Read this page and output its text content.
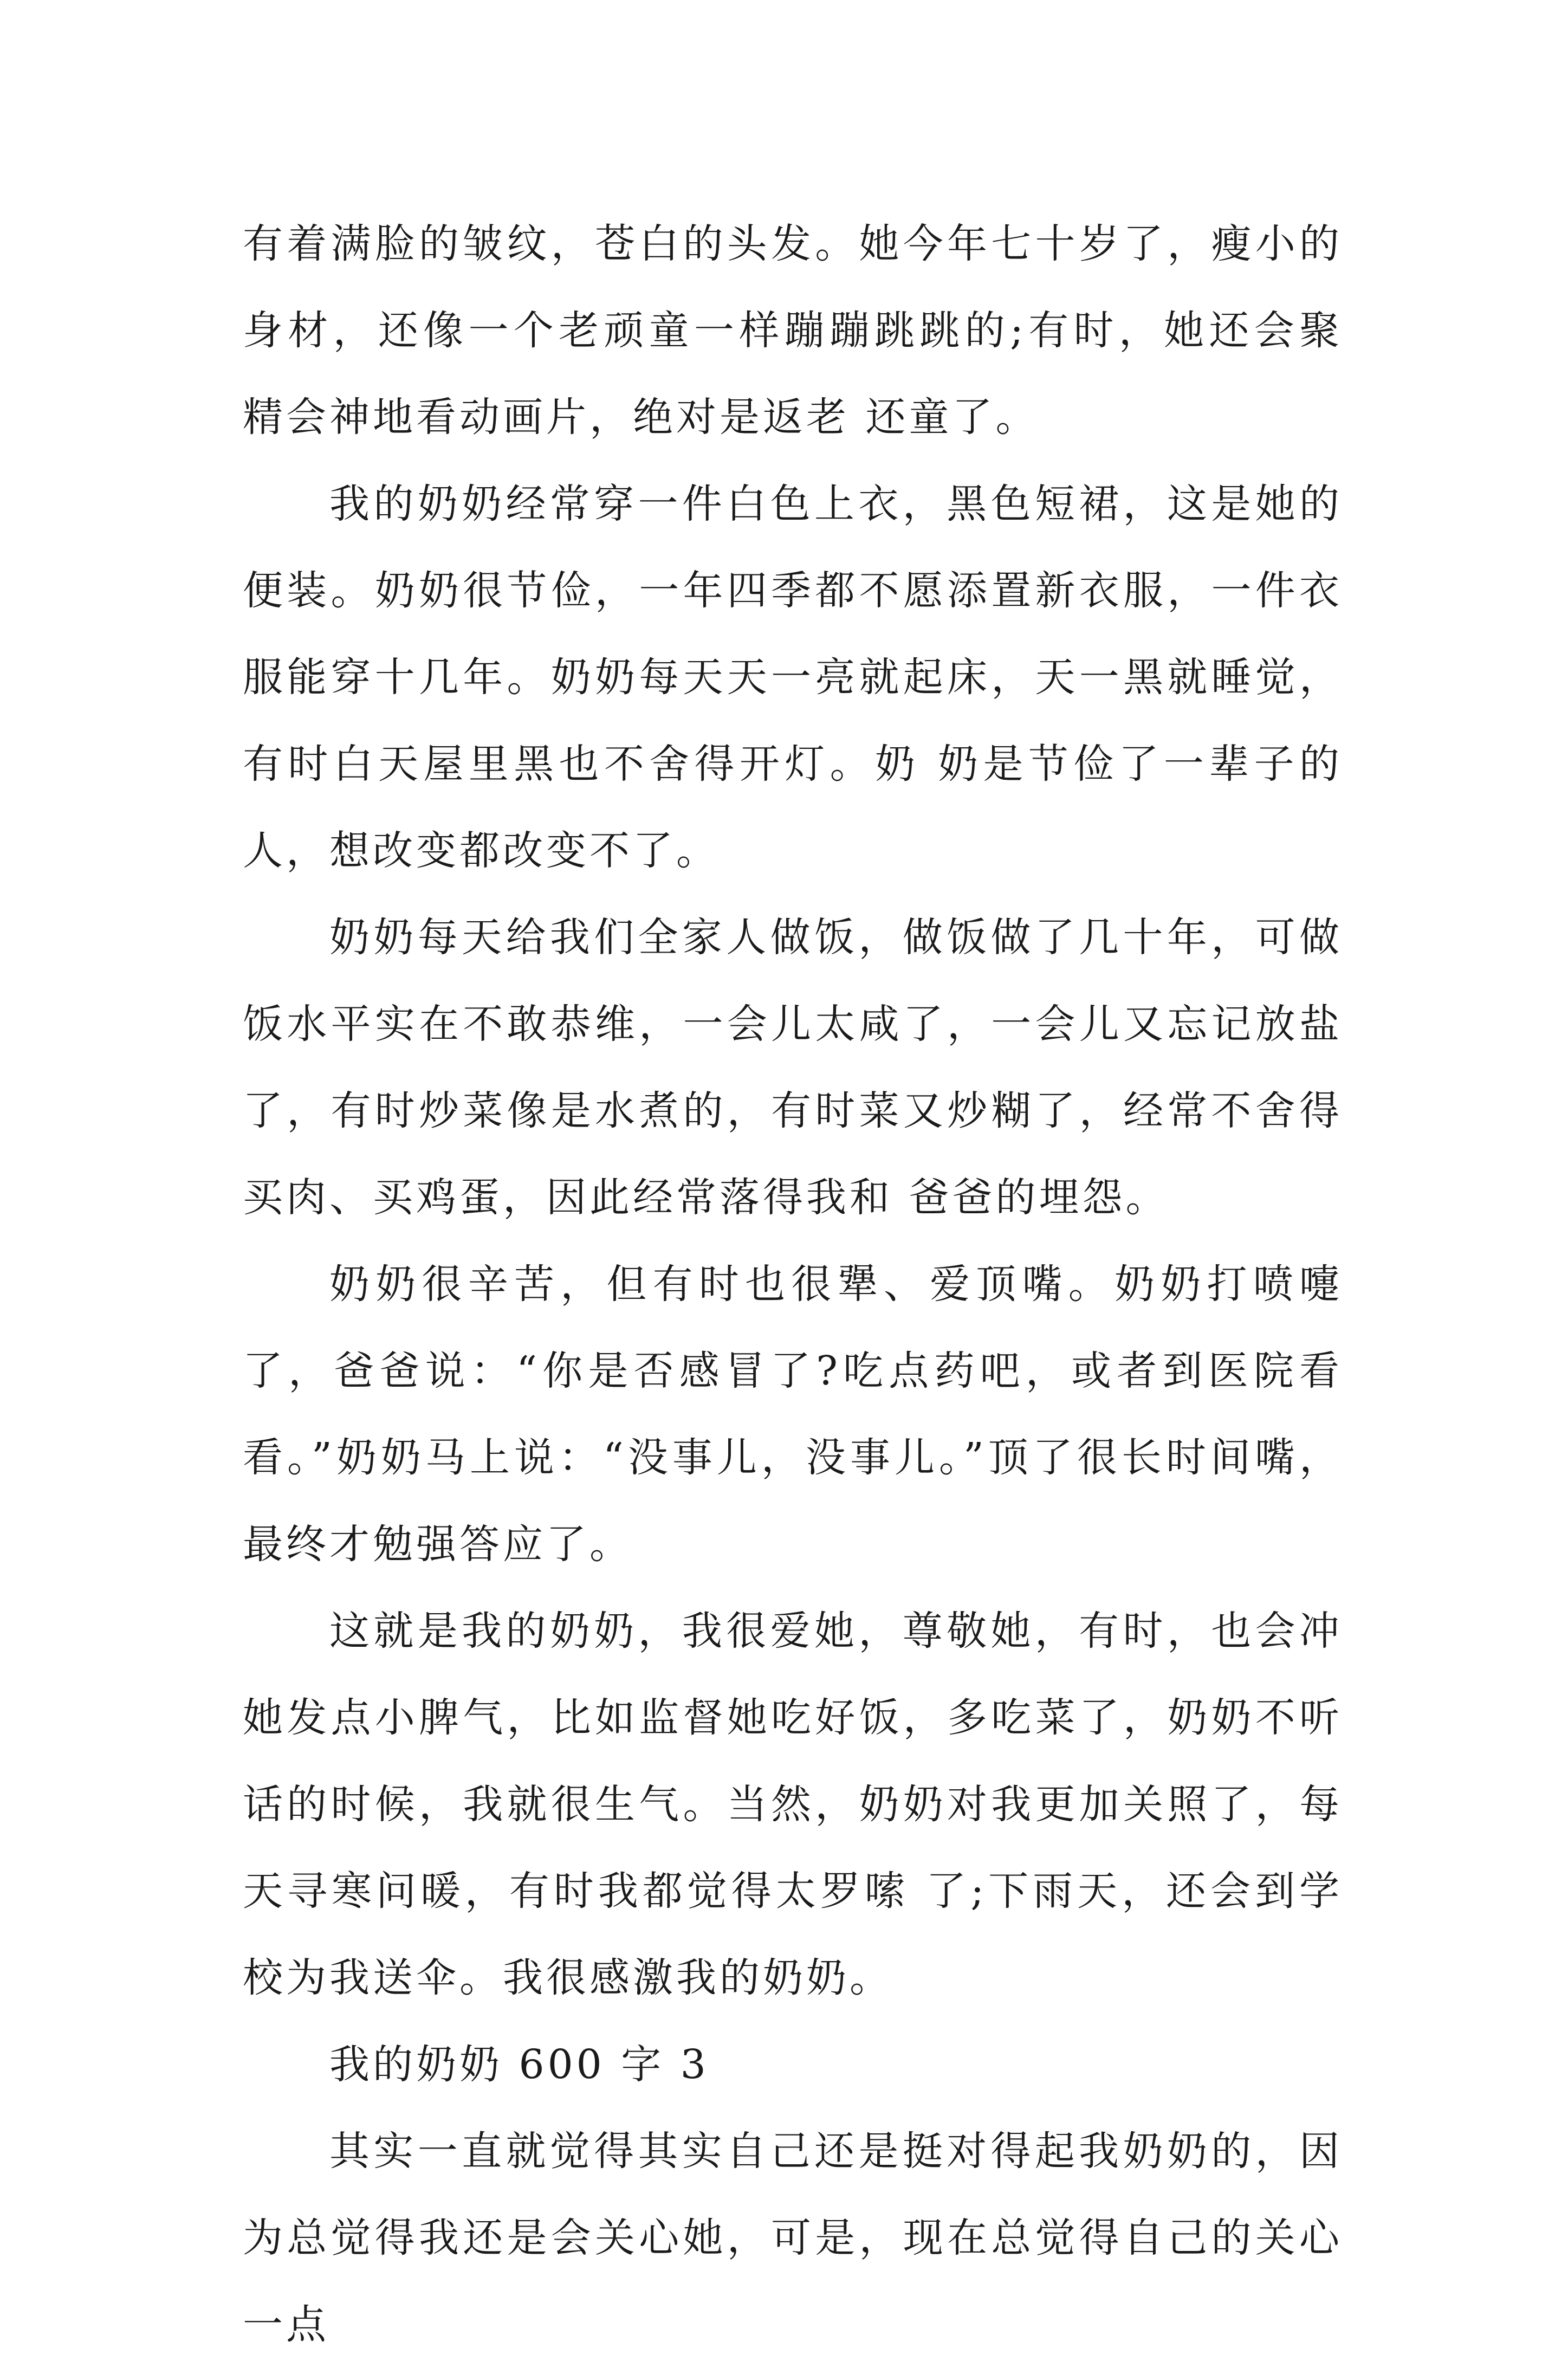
有着满脸的皱纹，苍白的头发。她今年七十岁了，瘦小的身材，还像一个老顽童一样蹦蹦跳跳的;有时，她还会聚精会神地看动画片，绝对是返老 还童了。

我的奶奶经常穿一件白色上衣，黑色短裙，这是她的便装。奶奶很节俭，一年四季都不愿添置新衣服，一件衣服能穿十几年。奶奶每天天一亮就起床，天一黑就睡觉，有时白天屋里黑也不舍得开灯。奶 奶是节俭了一辈子的人，想改变都改变不了。

奶奶每天给我们全家人做饭，做饭做了几十年，可做饭水平实在不敢恭维，一会儿太咸了，一会儿又忘记放盐了，有时炒菜像是水煮的，有时菜又炒糊了，经常不舍得买肉、买鸡蛋，因此经常落得我和 爸爸的埋怨。

奶奶很辛苦，但有时也很犟、爱顶嘴。奶奶打喷嚏了，爸爸说：“你是否感冒了?吃点药吧，或者到医院看看。”奶奶马上说：“没事儿，没事儿。”顶了很长时间嘴，最终才勉强答应了。

这就是我的奶奶，我很爱她，尊敬她，有时，也会冲她发点小脾气，比如监督她吃好饭，多吃菜了，奶奶不听话的时候，我就很生气。当然，奶奶对我更加关照了，每天寻寒问暖，有时我都觉得太罗嗦 了;下雨天，还会到学校为我送伞。我很感激我的奶奶。

我的奶奶 600 字 3

其实一直就觉得其实自己还是挺对得起我奶奶的，因为总觉得我还是会关心她，可是，现在总觉得自己的关心一点
